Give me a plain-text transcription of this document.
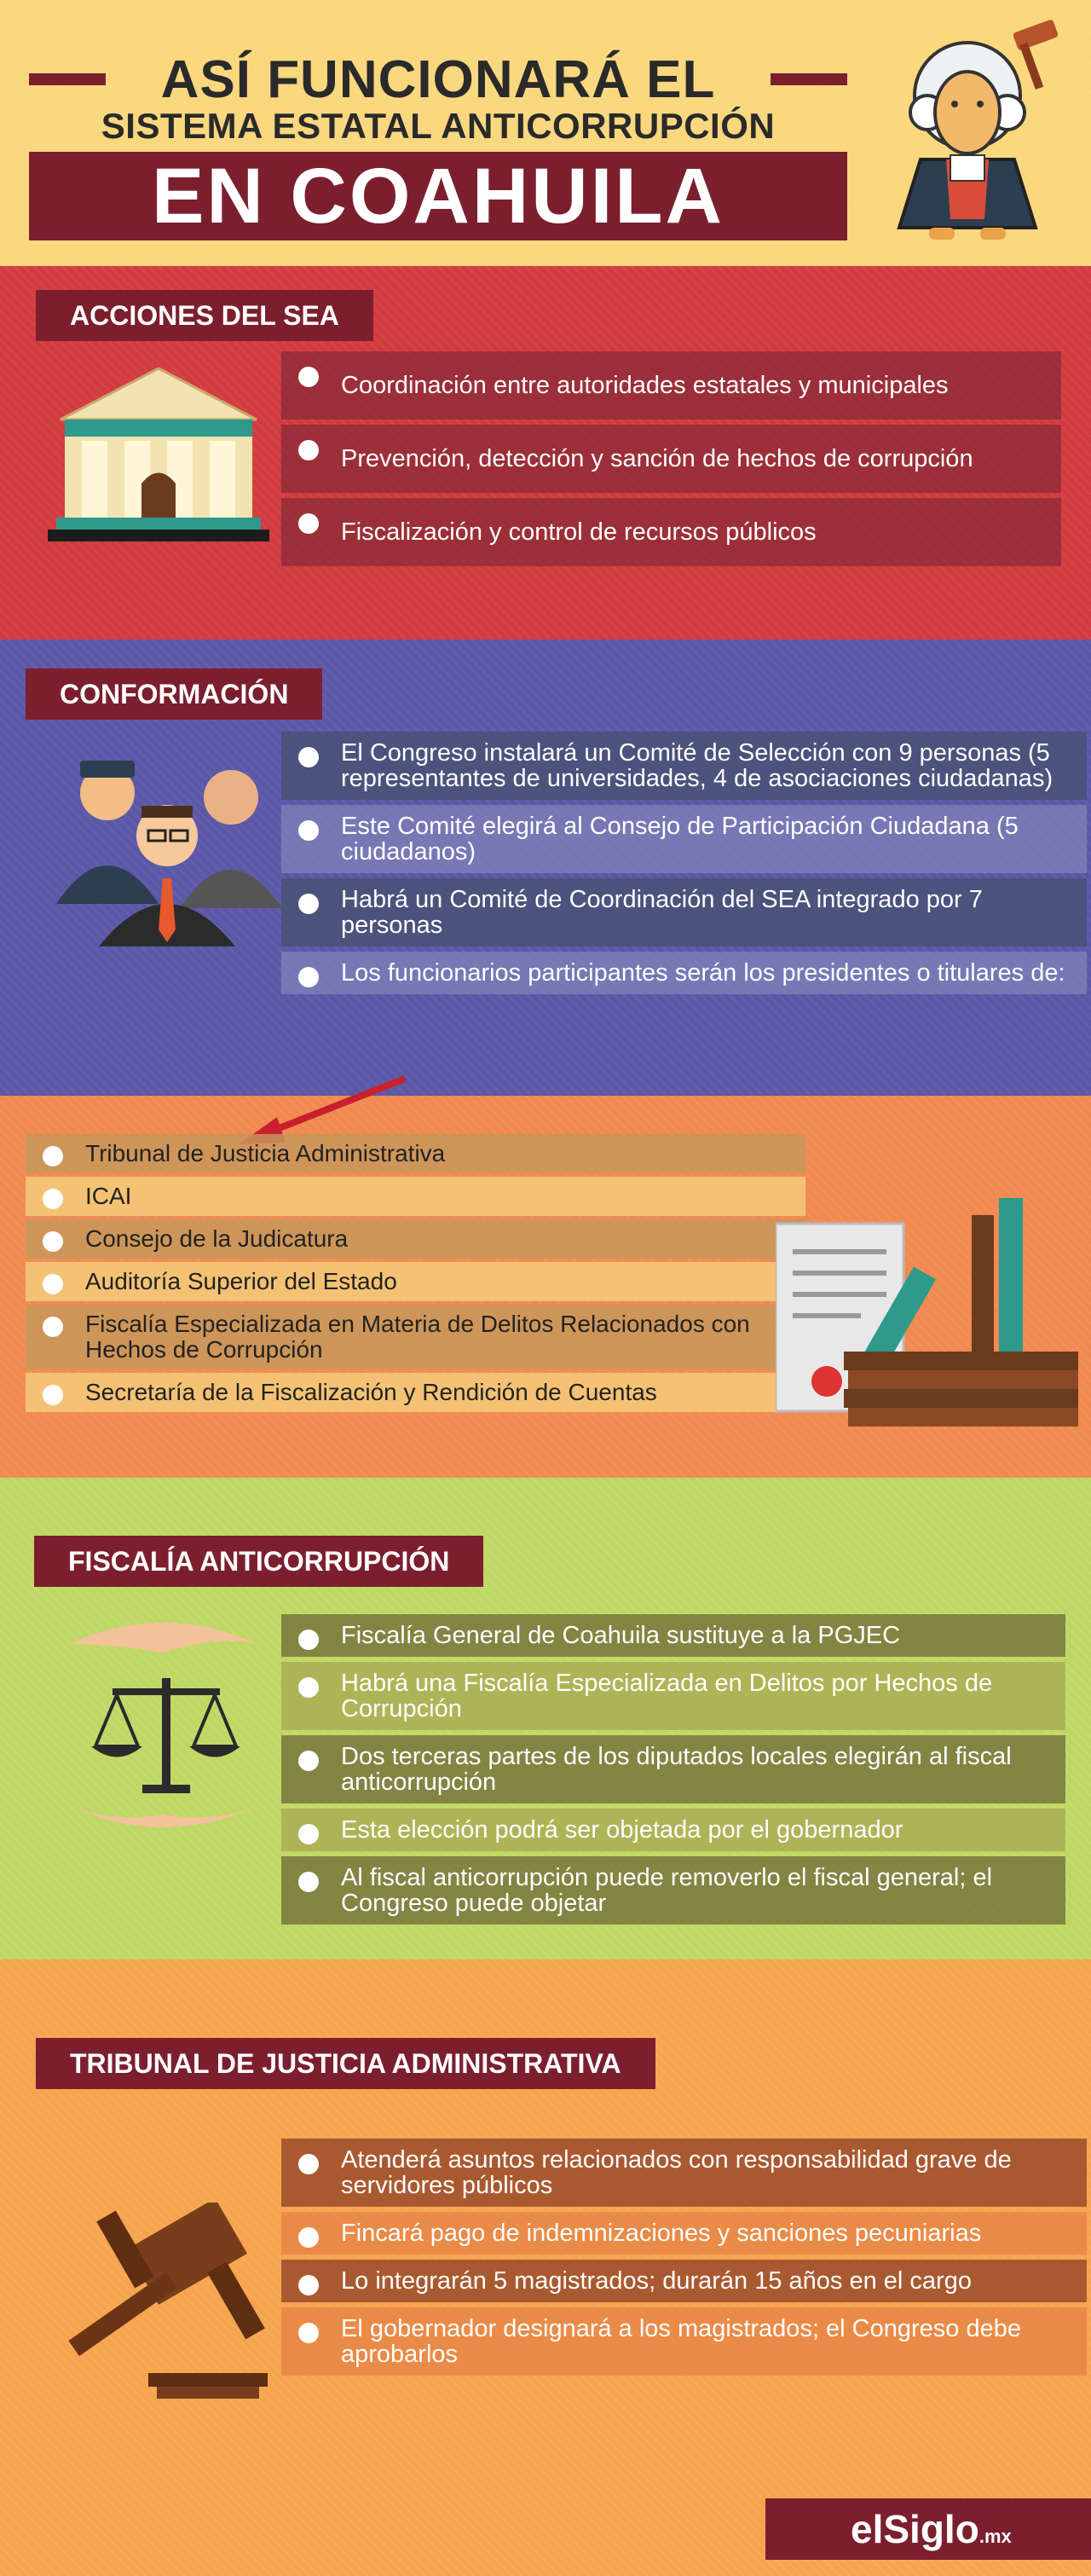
ASÍ FUNCIONARÁ EL
SISTEMA ESTATAL ANTICORRUPCIÓN
EN COAHUILA
ACCIONES DEL SEA
Coordinación entre autoridades estatales y municipales
Prevención, detección y sanción de hechos de corrupción
Fiscalización y control de recursos públicos
CONFORMACIÓN
El Congreso instalará un Comité de Selección con 9 personas (5 representantes de universidades, 4 de asociaciones ciudadanas)
Este Comité elegirá al Consejo de Participación Ciudadana (5 ciudadanos)
Habrá un Comité de Coordinación del SEA integrado por 7 personas
Los funcionarios participantes serán los presidentes o titulares de:
Tribunal de Justicia Administrativa
ICAI
Consejo de la Judicatura
Auditoría Superior del Estado
Fiscalía Especializada en Materia de Delitos Relacionados con Hechos de Corrupción
Secretaría de la Fiscalización y Rendición de Cuentas
FISCALÍA ANTICORRUPCIÓN
Fiscalía General de Coahuila sustituye a la PGJEC
Habrá una Fiscalía Especializada en Delitos por Hechos de Corrupción
Dos terceras partes de los diputados locales elegirán al fiscal anticorrupción
Esta elección podrá ser objetada por el gobernador
Al fiscal anticorrupción puede removerlo el fiscal general; el Congreso puede objetar
TRIBUNAL DE JUSTICIA ADMINISTRATIVA
Atenderá asuntos relacionados con responsabilidad grave de servidores públicos
Fincará pago de indemnizaciones y sanciones pecuniarias
Lo integrarán 5 magistrados; durarán 15 años en el cargo
El gobernador designará a los magistrados; el Congreso debe aprobarlos
elSiglo.mx
